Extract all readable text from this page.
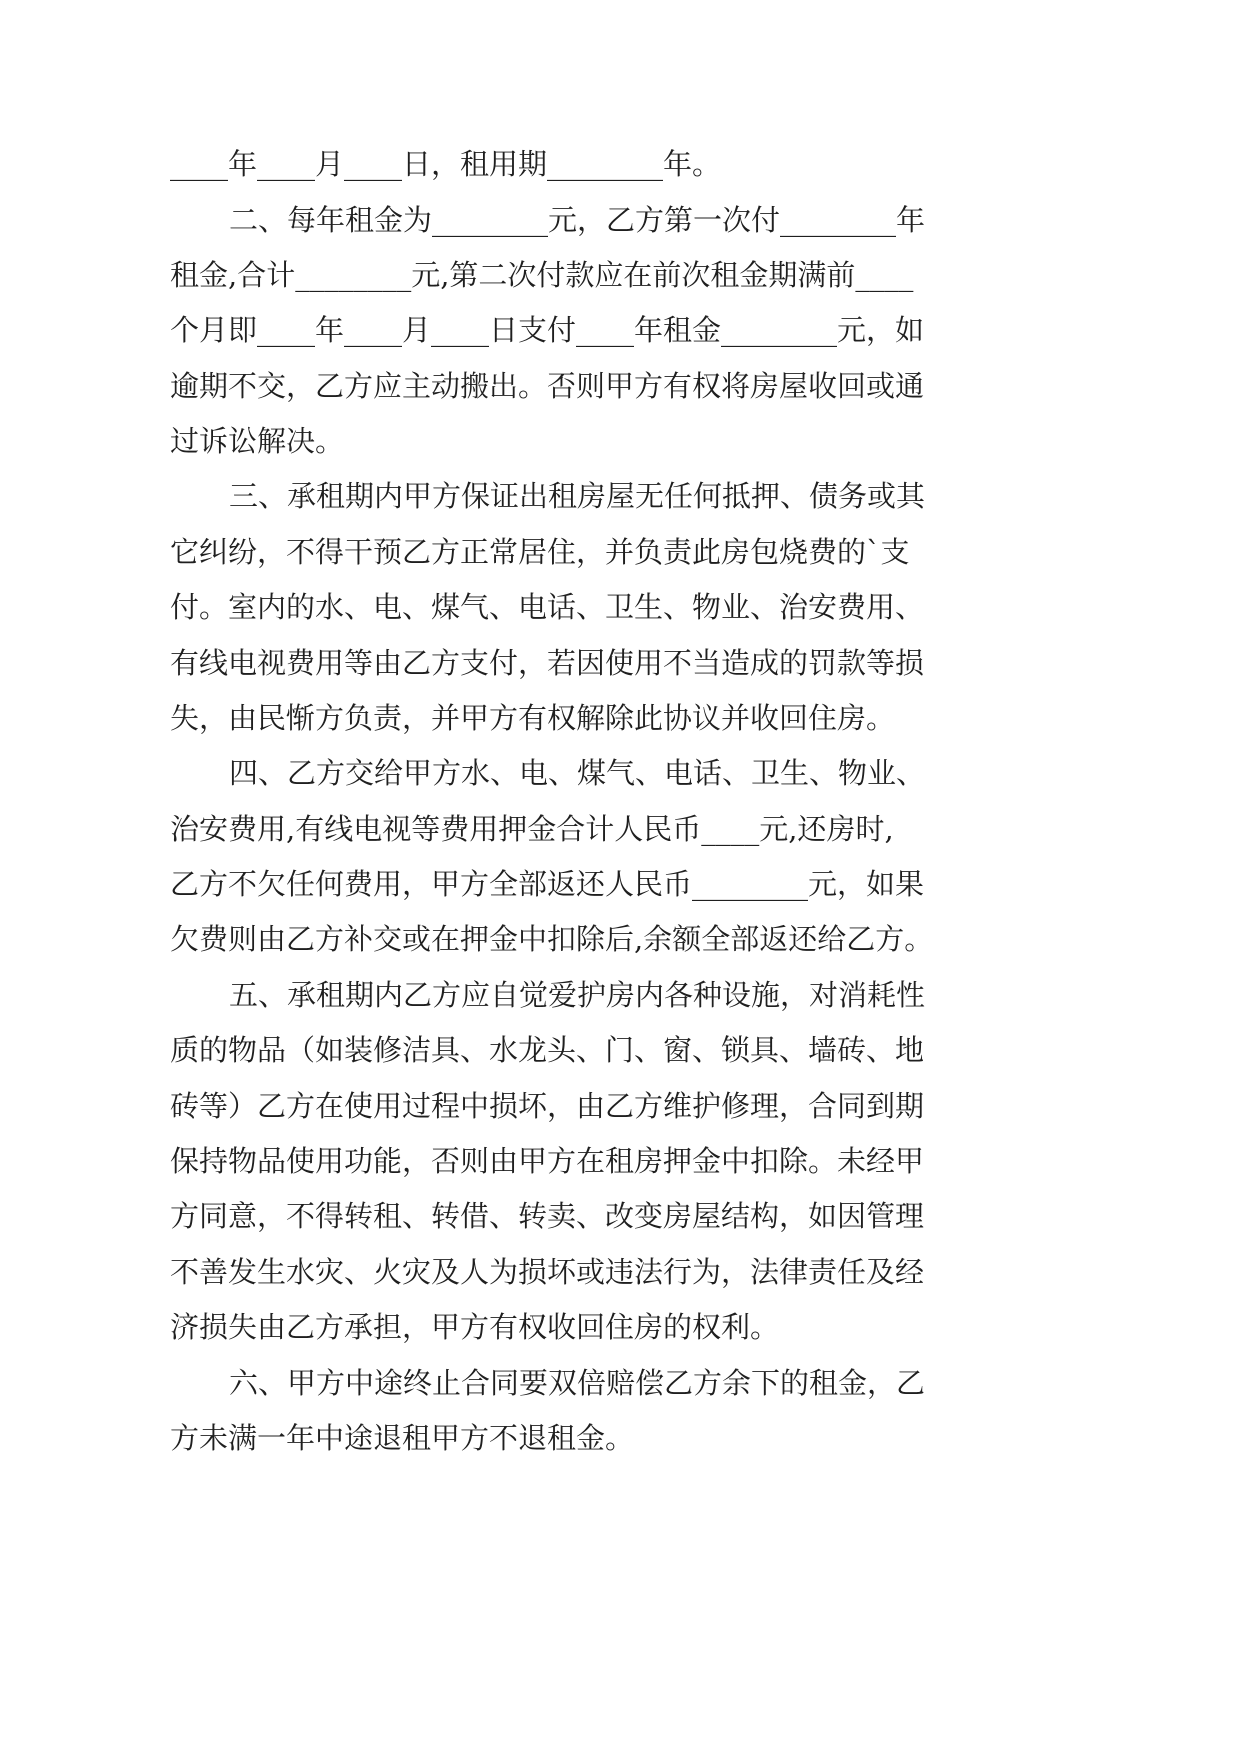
____年____月____日，租用期________年。
二、每年租金为________元，乙方第一次付________年
租金,合计________元,第二次付款应在前次租金期满前____
个月即____年____月____日支付____年租金________元，如
逾期不交，乙方应主动搬出。否则甲方有权将房屋收回或通
过诉讼解决。
三、承租期内甲方保证出租房屋无任何抵押、债务或其
它纠纷，不得干预乙方正常居住，并负责此房包烧费的`支
付。室内的水、电、煤气、电话、卫生、物业、治安费用、
有线电视费用等由乙方支付，若因使用不当造成的罚款等损
失，由民惭方负责，并甲方有权解除此协议并收回住房。
四、乙方交给甲方水、电、煤气、电话、卫生、物业、
治安费用,有线电视等费用押金合计人民币____元,还房时,
乙方不欠任何费用，甲方全部返还人民币________元，如果
欠费则由乙方补交或在押金中扣除后,余额全部返还给乙方。
五、承租期内乙方应自觉爱护房内各种设施，对消耗性
质的物品（如装修洁具、水龙头、门、窗、锁具、墙砖、地
砖等）乙方在使用过程中损坏，由乙方维护修理，合同到期
保持物品使用功能，否则由甲方在租房押金中扣除。未经甲
方同意，不得转租、转借、转卖、改变房屋结构，如因管理
不善发生水灾、火灾及人为损坏或违法行为，法律责任及经
济损失由乙方承担，甲方有权收回住房的权利。
六、甲方中途终止合同要双倍赔偿乙方余下的租金，乙
方未满一年中途退租甲方不退租金。
